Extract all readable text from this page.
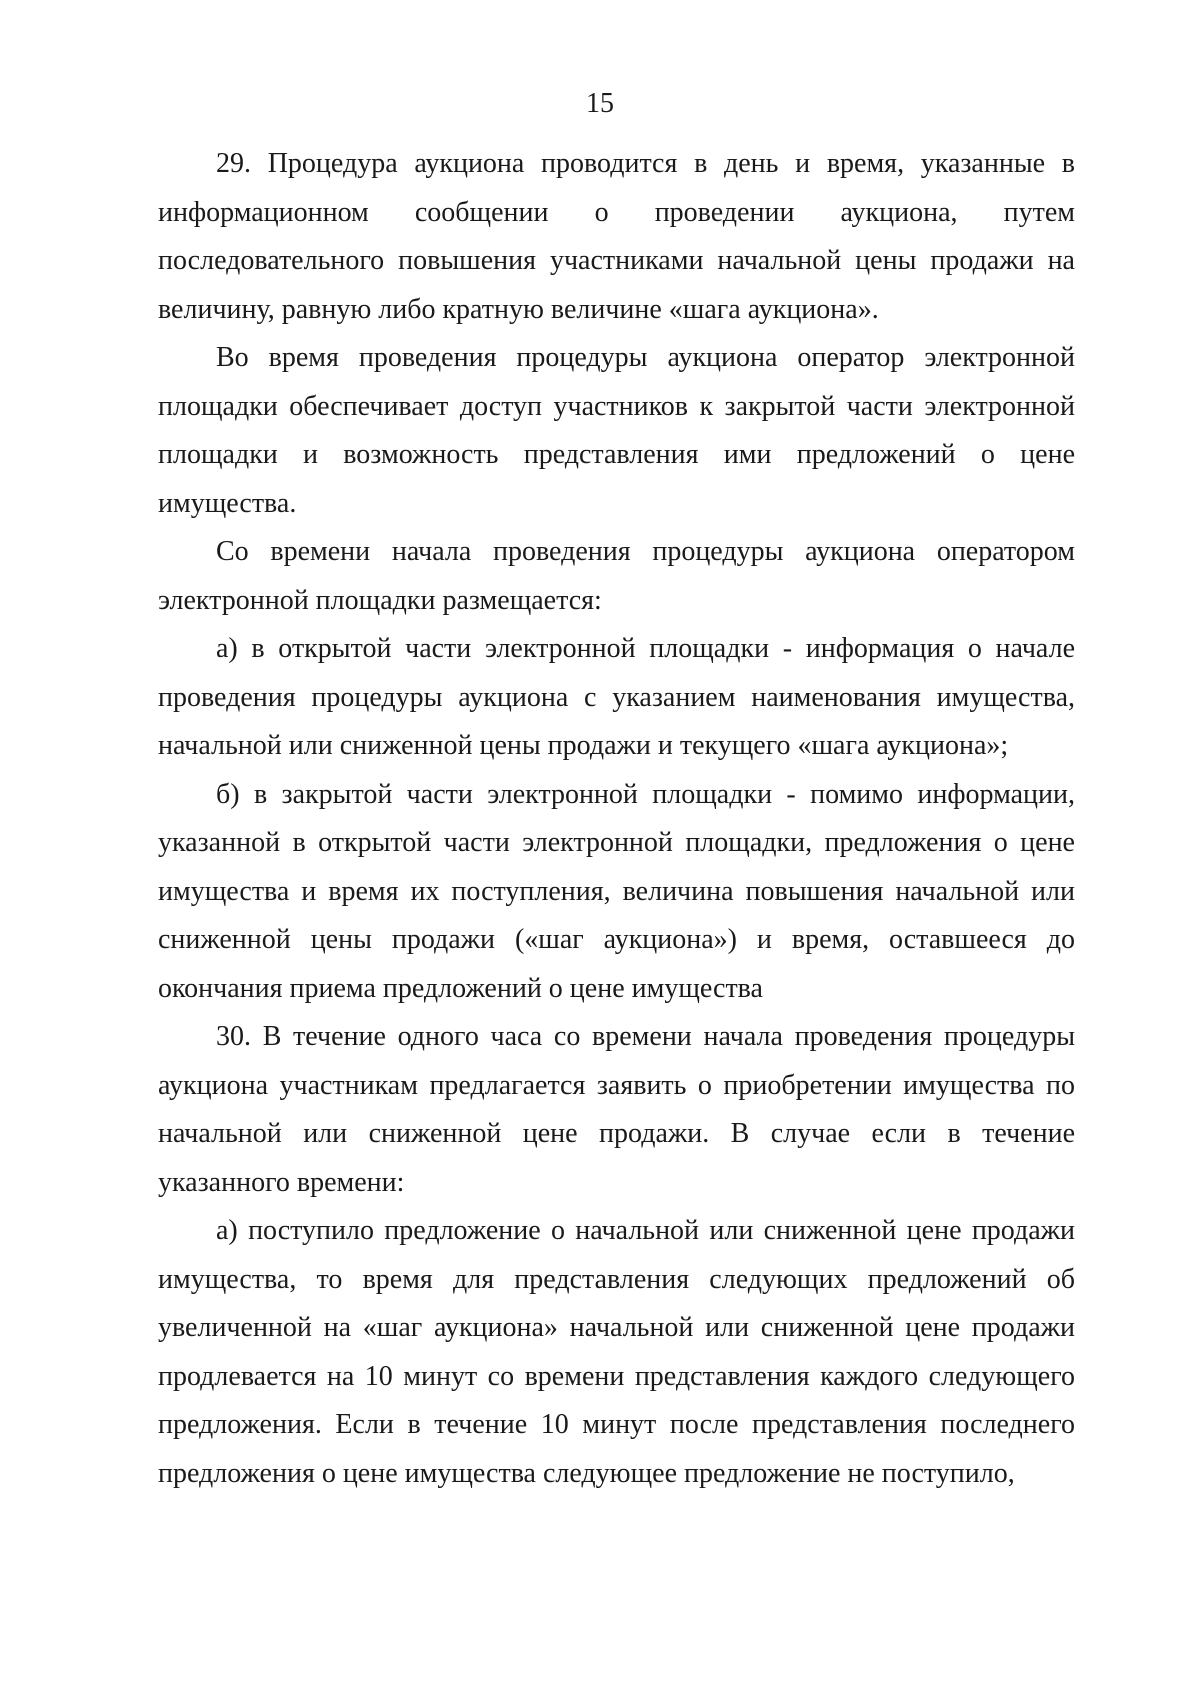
15

29. Процедура аукциона проводится в день и время, указанные в информационном сообщении о проведении аукциона, путем последовательного повышения участниками начальной цены продажи на величину, равную либо кратную величине «шага аукциона».

Во время проведения процедуры аукциона оператор электронной площадки обеспечивает доступ участников к закрытой части электронной площадки и возможность представления ими предложений о цене имущества.

Со времени начала проведения процедуры аукциона оператором электронной площадки размещается:

а) в открытой части электронной площадки - информация о начале проведения процедуры аукциона с указанием наименования имущества, начальной или сниженной цены продажи и текущего «шага аукциона»;

б) в закрытой части электронной площадки - помимо информации, указанной в открытой части электронной площадки, предложения о цене имущества и время их поступления, величина повышения начальной или сниженной цены продажи («шаг аукциона») и время, оставшееся до окончания приема предложений о цене имущества

30. В течение одного часа со времени начала проведения процедуры аукциона участникам предлагается заявить о приобретении имущества по начальной или сниженной цене продажи. В случае если в течение указанного времени:

а) поступило предложение о начальной или сниженной цене продажи имущества, то время для представления следующих предложений об увеличенной на «шаг аукциона» начальной или сниженной цене продажи продлевается на 10 минут со времени представления каждого следующего предложения. Если в течение 10 минут после представления последнего предложения о цене имущества следующее предложение не поступило,
